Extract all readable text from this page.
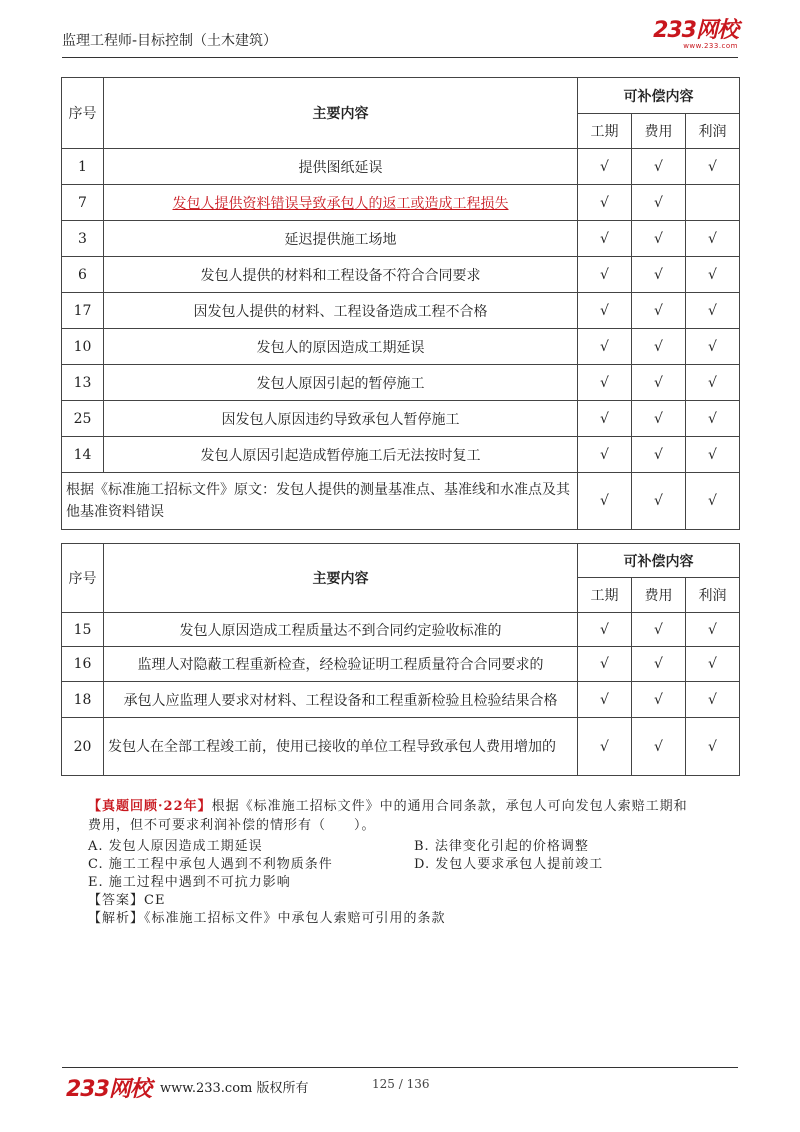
监理工程师-目标控制（土木建筑）	233网校
www.233.com
序号	主要内容	可补偿内容		
		工期	费用	利润
1	提供图纸延误	√	√	√
7	发包人提供资料错误导致承包人的返工或造成工程损失	√	√	
3	延迟提供施工场地	√	√	√
6	发包人提供的材料和工程设备不符合合同要求	√	√	√
17	因发包人提供的材料、工程设备造成工程不合格	√	√	√
10	发包人的原因造成工期延误	√	√	√
13	发包人原因引起的暂停施工	√	√	√
25	因发包人原因违约导致承包人暂停施工	√	√	√
14	发包人原因引起造成暂停施工后无法按时复工	√	√	√
根据《标准施工招标文件》原文：发包人提供的测量基准点、基准线和水准点及其他基准资料错误		√	√	√
序号	主要内容	可补偿内容		
		工期	费用	利润
15	发包人原因造成工程质量达不到合同约定验收标准的	√	√	√
16	监理人对隐蔽工程重新检查，经检验证明工程质量符合合同要求的	√	√	√
18	承包人应监理人要求对材料、工程设备和工程重新检验且检验结果合格	√	√	√
20	发包人在全部工程竣工前，使用已接收的单位工程导致承包人费用增加的	√	√	√
【真题回顾·22年】根据《标准施工招标文件》中的通用合同条款，承包人可向发包人索赔工期和
费用，但不可要求利润补偿的情形有（　　）。
A. 发包人原因造成工期延误	B. 法律变化引起的价格调整
C. 施工工程中承包人遇到不利物质条件	D. 发包人要求承包人提前竣工
E. 施工过程中遇到不可抗力影响
【答案】CE
【解析】《标准施工招标文件》中承包人索赔可引用的条款
233网校 www.233.com 版权所有	125 / 136
